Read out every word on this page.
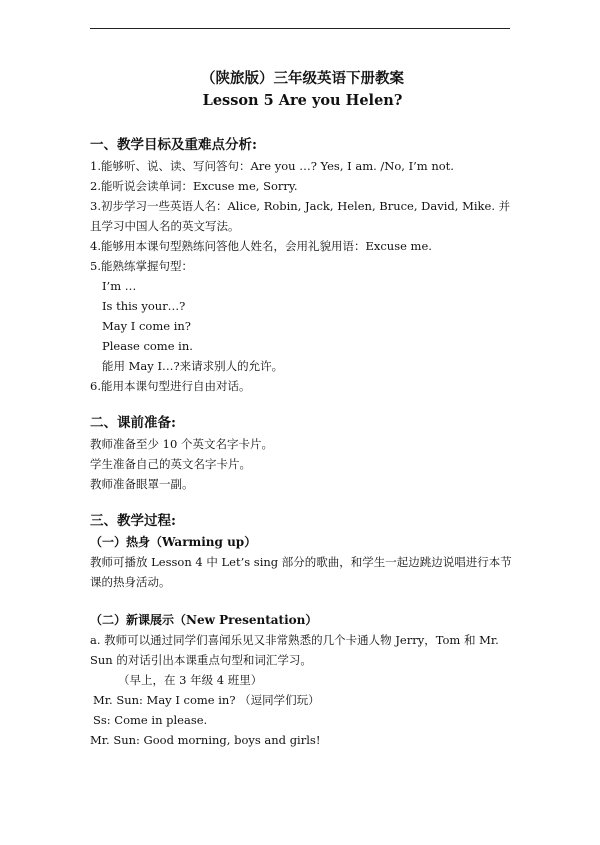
（陕旅版）三年级英语下册教案

Lesson 5 Are you Helen?

一、教学目标及重难点分析:

1.能够听、说、读、写问答句：Are you …? Yes, I am. /No, I’m not.

2.能听说会读单词：Excuse me, Sorry.

3.初步学习一些英语人名：Alice, Robin, Jack, Helen, Bruce, David, Mike. 并且学习中国人名的英文写法。

4.能够用本课句型熟练问答他人姓名，会用礼貌用语：Excuse me.

5.能熟练掌握句型：

I’m …

Is this your…?

May I come in?

Please come in.

能用 May I…?来请求别人的允许。

6.能用本课句型进行自由对话。

二、课前准备:

教师准备至少 10 个英文名字卡片。

学生准备自己的英文名字卡片。

教师准备眼罩一副。

三、教学过程:
（一）热身（Warming up）

教师可播放 Lesson 4 中 Let’s sing 部分的歌曲，和学生一起边跳边说唱进行本节课的热身活动。

（二）新课展示（New Presentation）

a. 教师可以通过同学们喜闻乐见又非常熟悉的几个卡通人物 Jerry，Tom 和 Mr. Sun 的对话引出本课重点句型和词汇学习。

（早上，在 3 年级 4 班里）

Mr. Sun: May I come in? （逗同学们玩）

Ss: Come in please.

Mr. Sun: Good morning, boys and girls!
